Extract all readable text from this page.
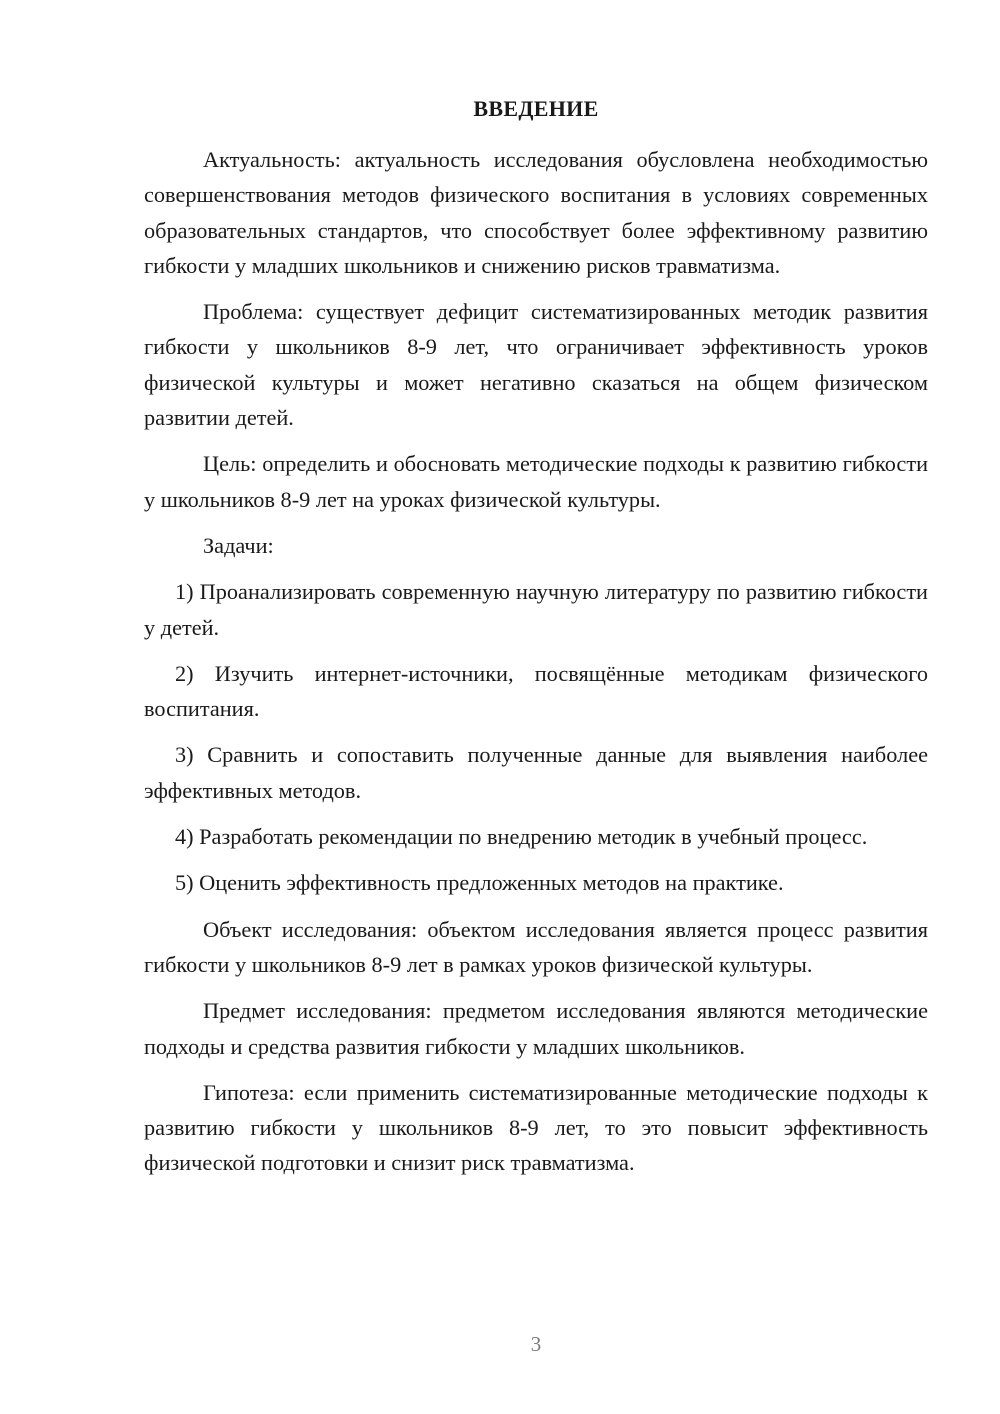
ВВЕДЕНИЕ

Актуальность: актуальность исследования обусловлена необходимостью совершенствования методов физического воспитания в условиях современных образовательных стандартов, что способствует более эффективному развитию гибкости у младших школьников и снижению рисков травматизма.

Проблема: существует дефицит систематизированных методик развития гибкости у школьников 8-9 лет, что ограничивает эффективность уроков физической культуры и может негативно сказаться на общем физическом развитии детей.

Цель: определить и обосновать методические подходы к развитию гибкости у школьников 8-9 лет на уроках физической культуры.

Задачи:

1) Проанализировать современную научную литературу по развитию гибкости у детей.

2) Изучить интернет-источники, посвящённые методикам физического воспитания.

3) Сравнить и сопоставить полученные данные для выявления наиболее эффективных методов.

4) Разработать рекомендации по внедрению методик в учебный процесс.

5) Оценить эффективность предложенных методов на практике.

Объект исследования: объектом исследования является процесс развития гибкости у школьников 8-9 лет в рамках уроков физической культуры.

Предмет исследования: предметом исследования являются методические подходы и средства развития гибкости у младших школьников.

Гипотеза: если применить систематизированные методические подходы к развитию гибкости у школьников 8-9 лет, то это повысит эффективность физической подготовки и снизит риск травматизма.

3
